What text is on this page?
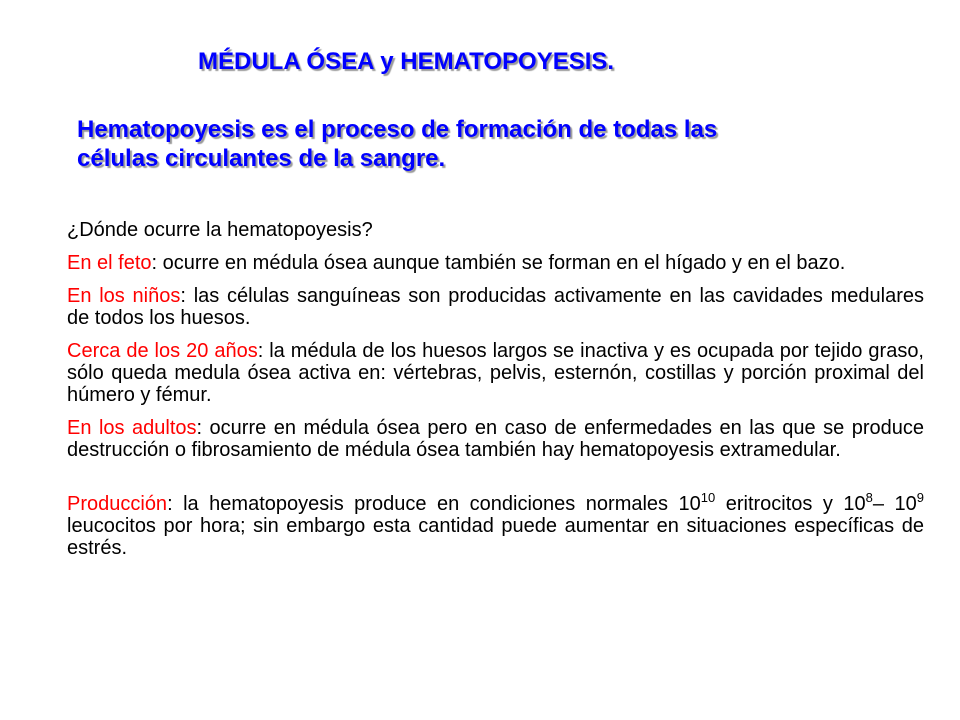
MÉDULA ÓSEA y HEMATOPOYESIS.
Hematopoyesis es el proceso de formación de todas las
células circulantes de la sangre.

¿Dónde ocurre la hematopoyesis?

En el feto: ocurre en médula ósea aunque también se forman en el hígado y en el bazo.

En los niños: las células sanguíneas son producidas activamente en las cavidades medulares de todos los huesos.

Cerca de los 20 años: la médula de los huesos largos se inactiva y es ocupada por tejido graso, sólo queda medula ósea activa en: vértebras, pelvis, esternón, costillas y porción proximal del húmero y fémur.

En los adultos: ocurre en médula ósea pero en caso de enfermedades en las que se produce destrucción o fibrosamiento de médula ósea también hay hematopoyesis extramedular.

Producción: la hematopoyesis produce en condiciones normales $10^{10}$ eritrocitos y $10^8-$ $10^9$ leucocitos por hora; sin embargo esta cantidad puede aumentar en situaciones específicas de estrés.
